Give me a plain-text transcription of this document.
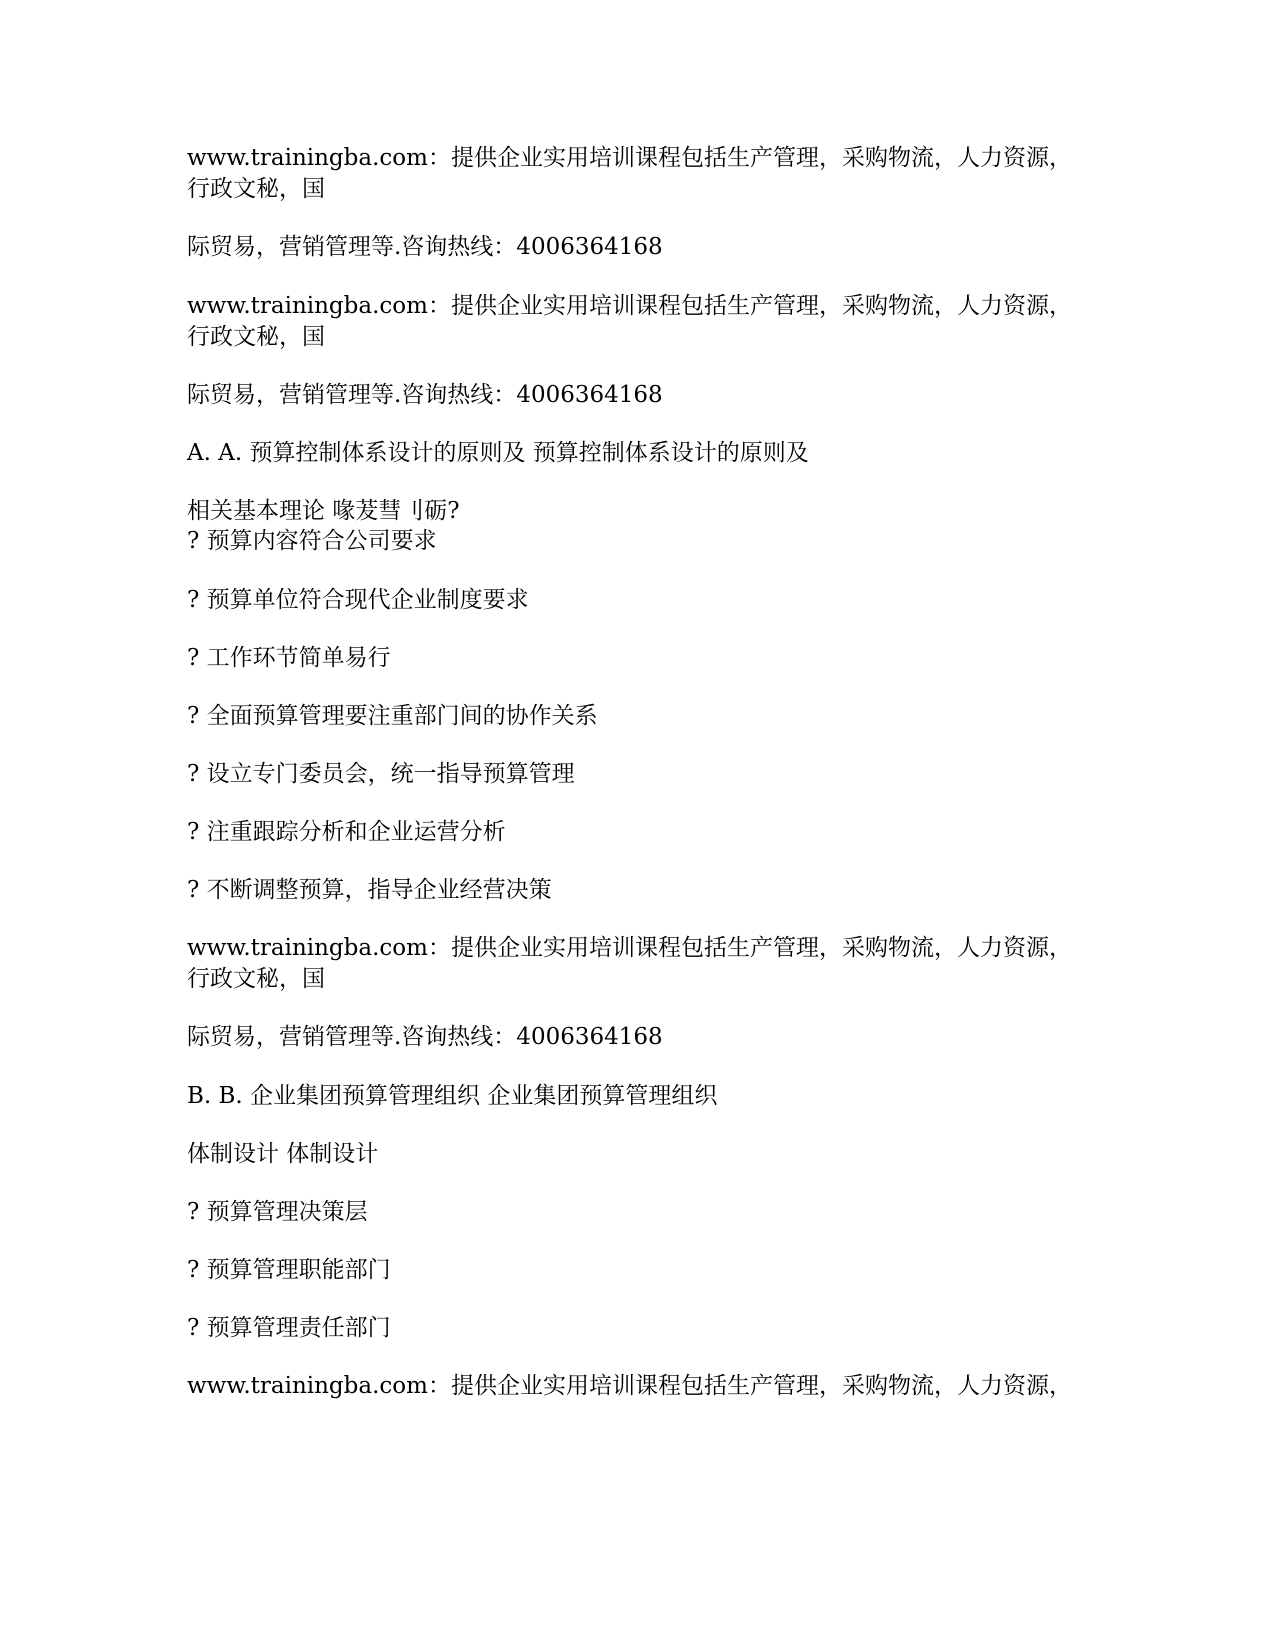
www.trainingba.com：提供企业实用培训课程包括生产管理，采购物流，人力资源，

行政文秘，国

际贸易，营销管理等.咨询热线：4006364168

www.trainingba.com：提供企业实用培训课程包括生产管理，采购物流，人力资源，

行政文秘，国

际贸易，营销管理等.咨询热线：4006364168

A. A. 预算控制体系设计的原则及 预算控制体系设计的原则及

相关基本理论 喙茇彗刂砺?

? 预算内容符合公司要求

? 预算单位符合现代企业制度要求

? 工作环节简单易行

? 全面预算管理要注重部门间的协作关系

? 设立专门委员会，统一指导预算管理

? 注重跟踪分析和企业运营分析

? 不断调整预算，指导企业经营决策

www.trainingba.com：提供企业实用培训课程包括生产管理，采购物流，人力资源，

行政文秘，国

际贸易，营销管理等.咨询热线：4006364168

B. B. 企业集团预算管理组织 企业集团预算管理组织

体制设计 体制设计

? 预算管理决策层

? 预算管理职能部门

? 预算管理责任部门

www.trainingba.com：提供企业实用培训课程包括生产管理，采购物流，人力资源，
